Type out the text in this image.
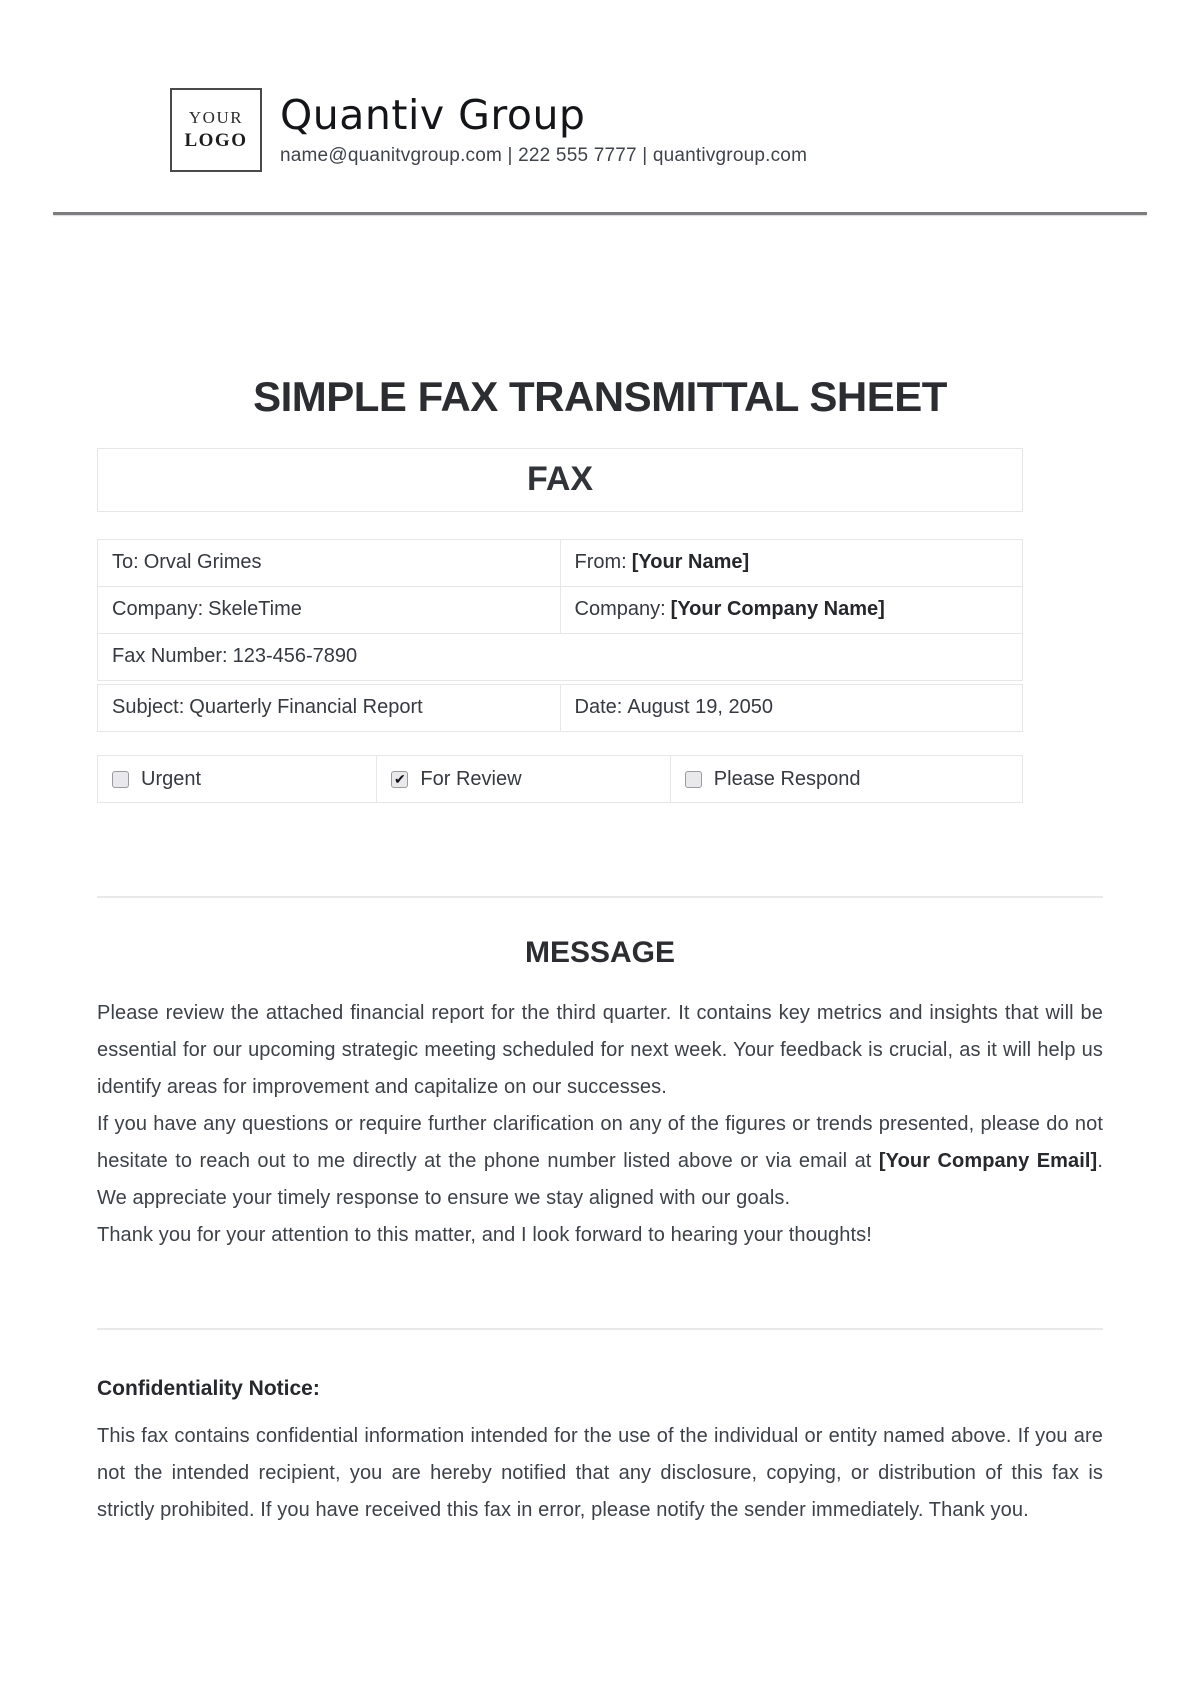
YOUR
LOGO
Quantiv Group
name@quanitvgroup.com | 222 555 7777 | quantivgroup.com
SIMPLE FAX TRANSMITTAL SHEET
FAX
To: Orval Grimes	From: [Your Name]
Company: SkeleTime	Company: [Your Company Name]
Fax Number: 123-456-7890	
Subject: Quarterly Financial Report	Date: August 19, 2050
Urgent ✔	For Review	Please Respond
MESSAGE
Please review the attached financial report for the third quarter. It contains key metrics and insights that will be essential for our upcoming strategic meeting scheduled for next week. Your feedback is crucial, as it will help us identify areas for improvement and capitalize on our successes.
If you have any questions or require further clarification on any of the figures or trends presented, please do not hesitate to reach out to me directly at the phone number listed above or via email at [Your Company Email]. We appreciate your timely response to ensure we stay aligned with our goals.
Thank you for your attention to this matter, and I look forward to hearing your thoughts!
Confidentiality Notice:
This fax contains confidential information intended for the use of the individual or entity named above. If you are not the intended recipient, you are hereby notified that any disclosure, copying, or distribution of this fax is strictly prohibited. If you have received this fax in error, please notify the sender immediately. Thank you.
